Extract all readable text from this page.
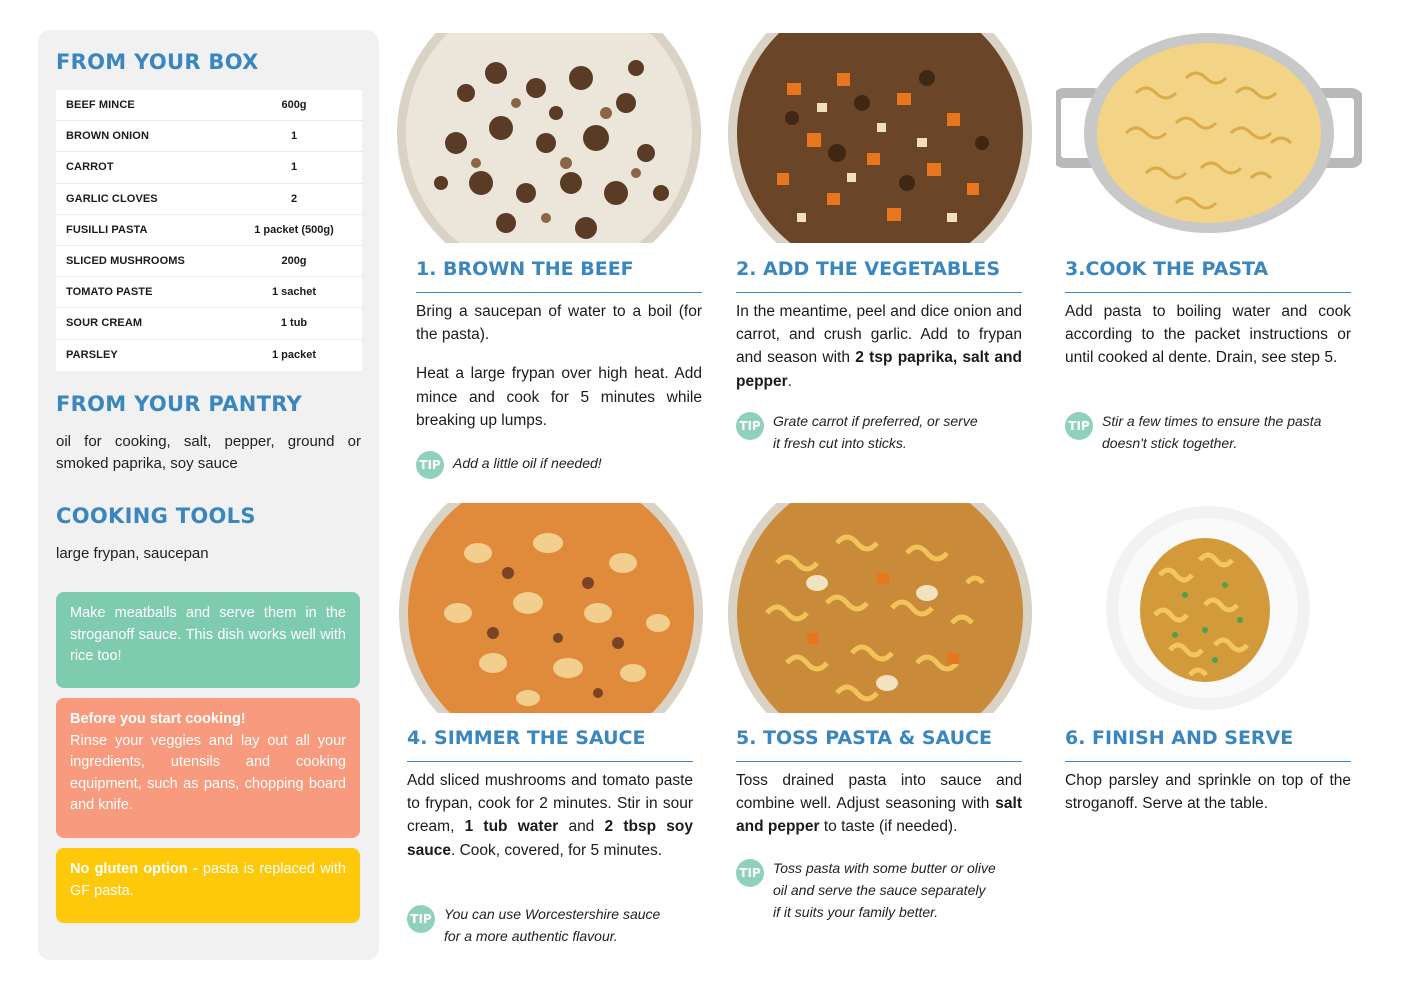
FROM YOUR BOX
BEEF MINCE	600g
BROWN ONION	1
CARROT	1
GARLIC CLOVES	2
FUSILLI PASTA	1 packet (500g)
SLICED MUSHROOMS	200g
TOMATO PASTE	1 sachet
SOUR CREAM	1 tub
PARSLEY	1 packet
FROM YOUR PANTRY
oil for cooking, salt, pepper, ground or smoked paprika, soy sauce
COOKING TOOLS
large frypan, saucepan
Make meatballs and serve them in the stroganoff sauce. This dish works well with rice too!
Before you start cooking!
Rinse your veggies and lay out all your ingredients, utensils and cooking equipment, such as pans, chopping board and knife.
No gluten option - pasta is replaced with GF pasta.
1. BROWN THE BEEF

Bring a saucepan of water to a boil (for the pasta).

Heat a large frypan over high heat. Add mince and cook for 5 minutes while breaking up lumps.

TIP Add a little oil if needed!
2. ADD THE VEGETABLES

In the meantime, peel and dice onion and carrot, and crush garlic. Add to frypan and season with 2 tsp paprika, salt and pepper.

TIP Grate carrot if preferred, or serve
it fresh cut into sticks.
3.COOK THE PASTA

Add pasta to boiling water and cook according to the packet instructions or until cooked al dente. Drain, see step 5.

TIP Stir a few times to ensure the pasta
doesn't stick together.
4. SIMMER THE SAUCE

Add sliced mushrooms and tomato paste to frypan, cook for 2 minutes. Stir in sour cream, 1 tub water and 2 tbsp soy sauce. Cook, covered, for 5 minutes.

TIP You can use Worcestershire sauce
for a more authentic flavour.
5. TOSS PASTA & SAUCE

Toss drained pasta into sauce and combine well. Adjust seasoning with salt and pepper to taste (if needed).

TIP Toss pasta with some butter or olive
oil and serve the sauce separately
if it suits your family better.
6. FINISH AND SERVE

Chop parsley and sprinkle on top of the stroganoff. Serve at the table.
